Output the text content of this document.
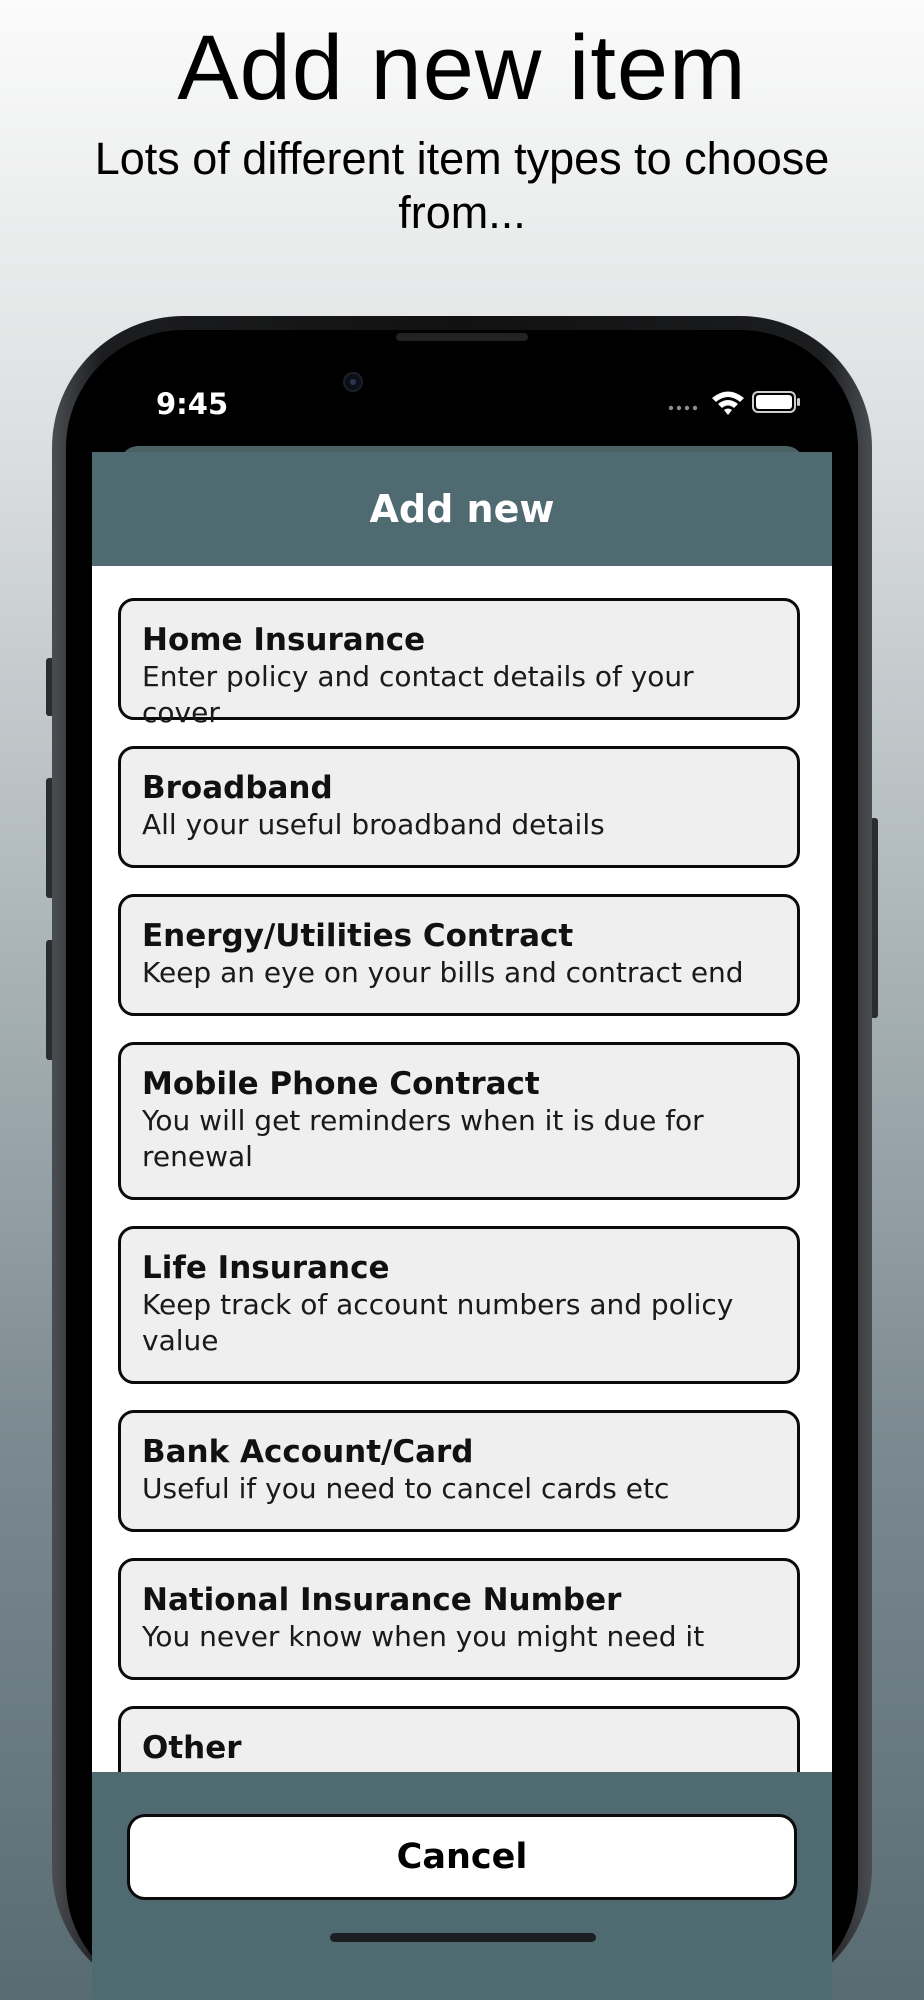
Add new item
Lots of different item types to choose from...
9:45
Add new
Home Insurance
Enter policy and contact details of your cover
Broadband
All your useful broadband details
Energy/Utilities Contract
Keep an eye on your bills and contract end
Mobile Phone Contract
You will get reminders when it is due for renewal
Life Insurance
Keep track of account numbers and policy value
Bank Account/Card
Useful if you need to cancel cards etc
National Insurance Number
You never know when you might need it
Other
Cancel
